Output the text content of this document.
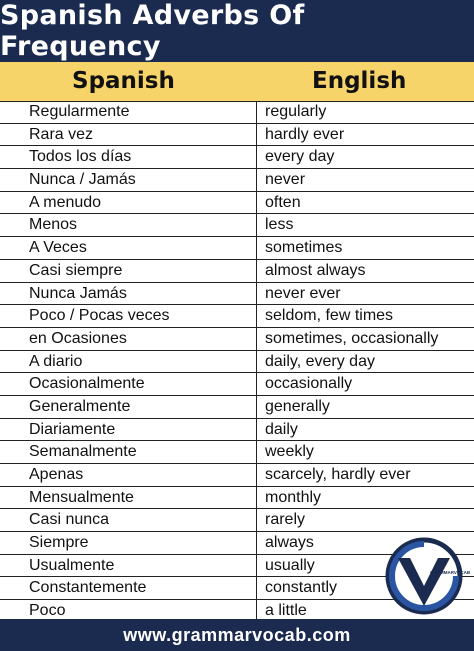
Spanish Adverbs Of Frequency
Spanish	English
Regularmente	regularly
Rara vez	hardly ever
Todos los días	every day
Nunca / Jamás	never
A menudo	often
Menos	less
A Veces	sometimes
Casi siempre	almost always
Nunca Jamás	never ever
Poco / Pocas veces	seldom, few times
en Ocasiones	sometimes, occasionally
A diario	daily, every day
Ocasionalmente	occasionally
Generalmente	generally
Diariamente	daily
Semanalmente	weekly
Apenas	scarcely, hardly ever
Mensualmente	monthly
Casi nunca	rarely
Siempre	always
Usualmente	usually
Constantemente	constantly
Poco	a little
GRAMMARVOCAB
www.grammarvocab.com
